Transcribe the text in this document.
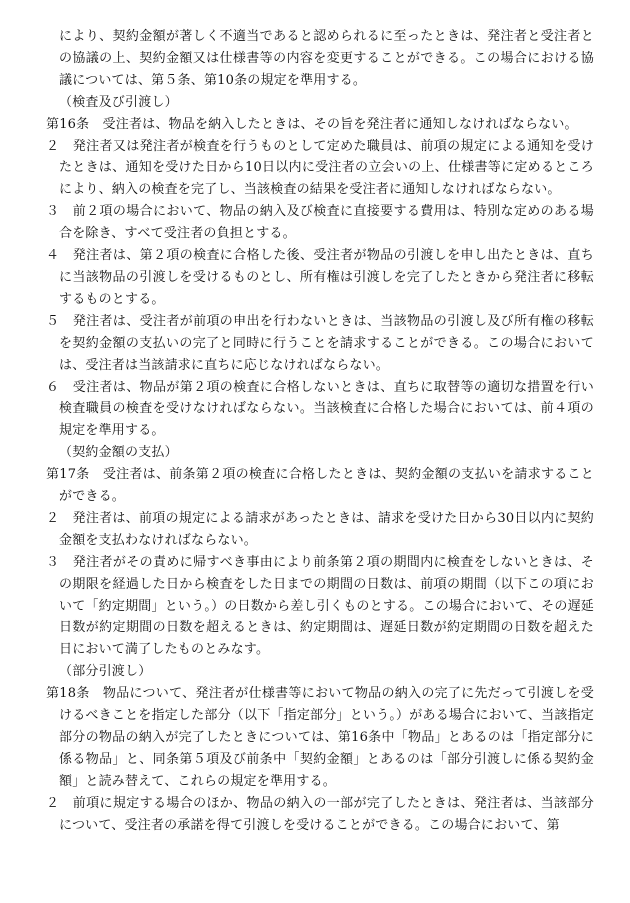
により、契約金額が著しく不適当であると認められるに至ったときは、発注者と受注者との協議の上、契約金額又は仕様書等の内容を変更することができる。この場合における協議については、第５条、第10条の規定を準用する。

（検査及び引渡し）

第16条　受注者は、物品を納入したときは、その旨を発注者に通知しなければならない。

２　発注者又は発注者が検査を行うものとして定めた職員は、前項の規定による通知を受けたときは、通知を受けた日から10日以内に受注者の立会いの上、仕様書等に定めるところにより、納入の検査を完了し、当該検査の結果を受注者に通知しなければならない。

３　前２項の場合において、物品の納入及び検査に直接要する費用は、特別な定めのある場合を除き、すべて受注者の負担とする。

４　発注者は、第２項の検査に合格した後、受注者が物品の引渡しを申し出たときは、直ちに当該物品の引渡しを受けるものとし、所有権は引渡しを完了したときから発注者に移転するものとする。

５　発注者は、受注者が前項の申出を行わないときは、当該物品の引渡し及び所有権の移転を契約金額の支払いの完了と同時に行うことを請求することができる。この場合においては、受注者は当該請求に直ちに応じなければならない。

６　受注者は、物品が第２項の検査に合格しないときは、直ちに取替等の適切な措置を行い検査職員の検査を受けなければならない。当該検査に合格した場合においては、前４項の規定を準用する。

（契約金額の支払）

第17条　受注者は、前条第２項の検査に合格したときは、契約金額の支払いを請求することができる。

２　発注者は、前項の規定による請求があったときは、請求を受けた日から30日以内に契約金額を支払わなければならない。

３　発注者がその責めに帰すべき事由により前条第２項の期間内に検査をしないときは、その期限を経過した日から検査をした日までの期間の日数は、前項の期間（以下この項において「約定期間」という。）の日数から差し引くものとする。この場合において、その遅延日数が約定期間の日数を超えるときは、約定期間は、遅延日数が約定期間の日数を超えた日において満了したものとみなす。

（部分引渡し）

第18条　物品について、発注者が仕様書等において物品の納入の完了に先だって引渡しを受けるべきことを指定した部分（以下「指定部分」という。）がある場合において、当該指定部分の物品の納入が完了したときについては、第16条中「物品」とあるのは「指定部分に係る物品」と、同条第５項及び前条中「契約金額」とあるのは「部分引渡しに係る契約金額」と読み替えて、これらの規定を準用する。

２　前項に規定する場合のほか、物品の納入の一部が完了したときは、発注者は、当該部分について、受注者の承諾を得て引渡しを受けることができる。この場合において、第
